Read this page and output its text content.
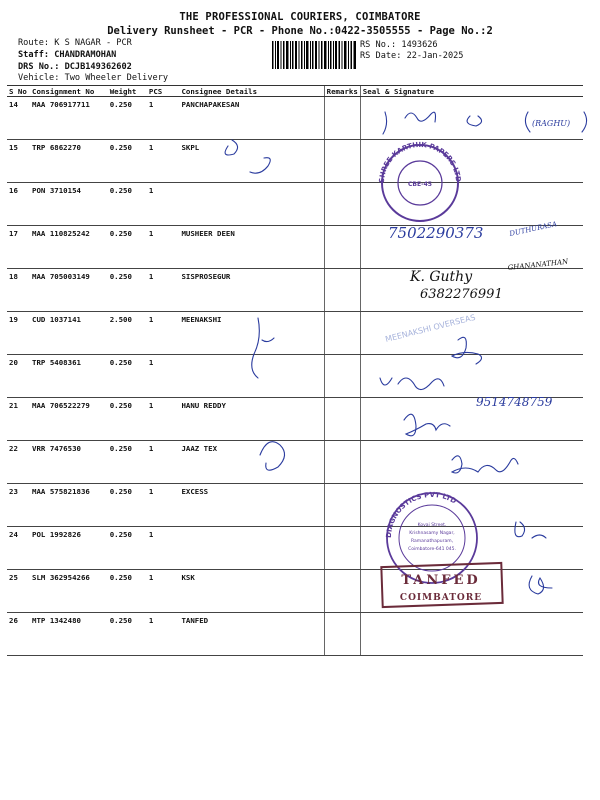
THE PROFESSIONAL COURIERS, COIMBATORE
Delivery Runsheet - PCR - Phone No.:0422-3505555 - Page No.:2
Route: K S NAGAR - PCR
Staff: CHANDRAMOHAN
DRS No.: DCJB149362602
Vehicle: Two Wheeler Delivery
RS No.: 1493626
RS Date: 22-Jan-2025
S No	Consignment No	Weight	PCS	Consignee Details	Remarks	Seal & Signature
14	MAA 706917711	0.250	1	PANCHAPAKESAN		
15	TRP 6862270	0.250	1	SKPL		
16	PON 3710154	0.250	1			
17	MAA 110825242	0.250	1	MUSHEER DEEN		
18	MAA 705003149	0.250	1	SISPROSEGUR		
19	CUD 1037141	2.500	1	MEENAKSHI		
20	TRP 5408361	0.250	1			
21	MAA 706522279	0.250	1	HANU REDDY		
22	VRR 7476530	0.250	1	JAAZ TEX		
23	MAA 575821836	0.250	1	EXCESS		
24	POL 1992826	0.250	1			
25	SLM 362954266	0.250	1	KSK		
26	MTP 1342480	0.250	1	TANFED		
7502290373	DUTHURASA
GHANANATHAN
K. Guthy
6382276991
(RAGHU)
9514748759
SHREE KARTHIK PAPERS LTD
CBE-45
MEENAKSHI OVERSEAS
DIAGNOSTICS PVT LTD
Kovai Street,
Krishnasamy Nagar,
Ramanathapuram,
Coimbatore-641 045.
TANFED
COIMBATORE
